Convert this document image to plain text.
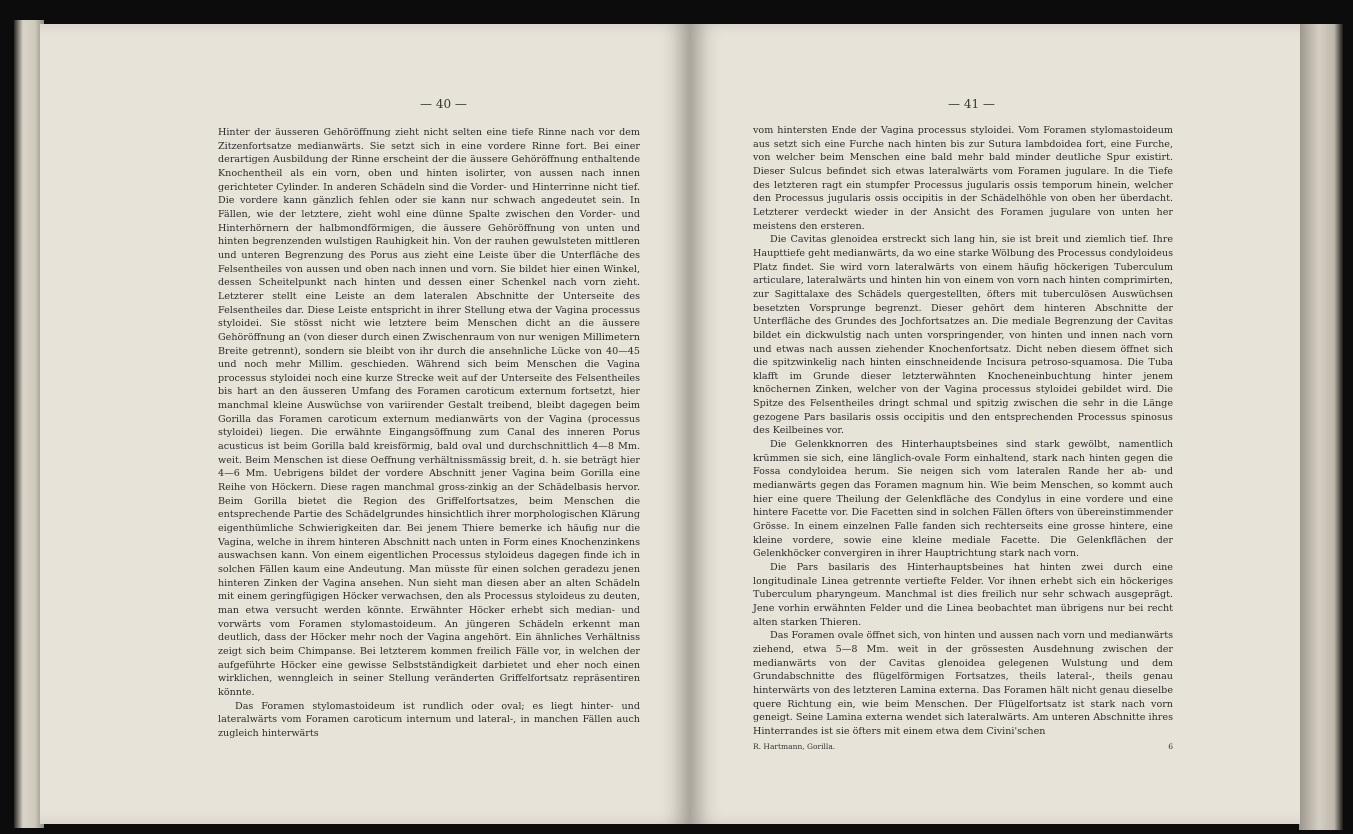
— 40 —

Hinter der äusseren Gehöröffnung zieht nicht selten eine tiefe Rinne nach vor dem Zitzenfortsatze medianwärts. Sie setzt sich in eine vordere Rinne fort. Bei einer derartigen Ausbildung der Rinne erscheint der die äussere Gehöröffnung enthaltende Knochentheil als ein vorn, oben und hinten isolirter, von aussen nach innen gerichteter Cylinder. In anderen Schädeln sind die Vorder- und Hinterrinne nicht tief. Die vordere kann gänzlich fehlen oder sie kann nur schwach angedeutet sein. In Fällen, wie der letztere, zieht wohl eine dünne Spalte zwischen den Vorder- und Hinterhörnern der halbmondförmigen, die äussere Gehöröffnung von unten und hinten begrenzenden wulstigen Rauhigkeit hin. Von der rauhen gewulsteten mittleren und unteren Begrenzung des Porus aus zieht eine Leiste über die Unterfläche des Felsentheiles von aussen und oben nach innen und vorn. Sie bildet hier einen Winkel, dessen Scheitelpunkt nach hinten und dessen einer Schenkel nach vorn zieht. Letzterer stellt eine Leiste an dem lateralen Abschnitte der Unterseite des Felsentheiles dar. Diese Leiste entspricht in ihrer Stellung etwa der Vagina processus styloidei. Sie stösst nicht wie letztere beim Menschen dicht an die äussere Gehöröffnung an (von dieser durch einen Zwischenraum von nur wenigen Millimetern Breite getrennt), sondern sie bleibt von ihr durch die ansehnliche Lücke von 40—45 und noch mehr Millim. geschieden. Während sich beim Menschen die Vagina processus styloidei noch eine kurze Strecke weit auf der Unterseite des Felsentheiles bis hart an den äusseren Umfang des Foramen caroticum externum fortsetzt, hier manchmal kleine Auswüchse von variirender Gestalt treibend, bleibt dagegen beim Gorilla das Foramen caroticum externum medianwärts von der Vagina (processus styloidei) liegen. Die erwähnte Eingangsöffnung zum Canal des inneren Porus acusticus ist beim Gorilla bald kreisförmig, bald oval und durchschnittlich 4—8 Mm. weit. Beim Menschen ist diese Oeffnung verhältnissmässig breit, d. h. sie beträgt hier 4—6 Mm. Uebrigens bildet der vordere Abschnitt jener Vagina beim Gorilla eine Reihe von Höckern. Diese ragen manchmal gross-zinkig an der Schädelbasis hervor. Beim Gorilla bietet die Region des Griffelfortsatzes, beim Menschen die entsprechende Partie des Schädelgrundes hinsichtlich ihrer morphologischen Klärung eigenthümliche Schwierigkeiten dar. Bei jenem Thiere bemerke ich häufig nur die Vagina, welche in ihrem hinteren Abschnitt nach unten in Form eines Knochenzinkens auswachsen kann. Von einem eigentlichen Processus styloideus dagegen finde ich in solchen Fällen kaum eine Andeutung. Man müsste für einen solchen geradezu jenen hinteren Zinken der Vagina ansehen. Nun sieht man diesen aber an alten Schädeln mit einem geringfügigen Höcker verwachsen, den als Processus styloideus zu deuten, man etwa versucht werden könnte. Erwähnter Höcker erhebt sich median- und vorwärts vom Foramen stylomastoideum. An jüngeren Schädeln erkennt man deutlich, dass der Höcker mehr noch der Vagina angehört. Ein ähnliches Verhältniss zeigt sich beim Chimpanse. Bei letzterem kommen freilich Fälle vor, in welchen der aufgeführte Höcker eine gewisse Selbstständigkeit darbietet und eher noch einen wirklichen, wenngleich in seiner Stellung veränderten Griffelfortsatz repräsentiren könnte.

Das Foramen stylomastoideum ist rundlich oder oval; es liegt hinter- und lateralwärts vom Foramen caroticum internum und lateral-, in manchen Fällen auch zugleich hinterwärts

— 41 —

vom hintersten Ende der Vagina processus styloidei. Vom Foramen stylomastoideum aus setzt sich eine Furche nach hinten bis zur Sutura lambdoidea fort, eine Furche, von welcher beim Menschen eine bald mehr bald minder deutliche Spur existirt. Dieser Sulcus befindet sich etwas lateralwärts vom Foramen jugulare. In die Tiefe des letzteren ragt ein stumpfer Processus jugularis ossis temporum hinein, welcher den Processus jugularis ossis occipitis in der Schädelhöhle von oben her überdacht. Letzterer verdeckt wieder in der Ansicht des Foramen jugulare von unten her meistens den ersteren.

Die Cavitas glenoidea erstreckt sich lang hin, sie ist breit und ziemlich tief. Ihre Haupttiefe geht medianwärts, da wo eine starke Wölbung des Processus condyloideus Platz findet. Sie wird vorn lateralwärts von einem häufig höckerigen Tuberculum articulare, lateralwärts und hinten hin von einem von vorn nach hinten comprimirten, zur Sagittalaxe des Schädels quergestellten, öfters mit tuberculösen Auswüchsen besetzten Vorsprunge begrenzt. Dieser gehört dem hinteren Abschnitte der Unterfläche des Grundes des Jochfortsatzes an. Die mediale Begrenzung der Cavitas bildet ein dickwulstig nach unten vorspringender, von hinten und innen nach vorn und etwas nach aussen ziehender Knochenfortsatz. Dicht neben diesem öffnet sich die spitzwinkelig nach hinten einschneidende Incisura petroso-squamosa. Die Tuba klafft im Grunde dieser letzterwähnten Knocheneinbuchtung hinter jenem knöchernen Zinken, welcher von der Vagina processus styloidei gebildet wird. Die Spitze des Felsentheiles dringt schmal und spitzig zwischen die sehr in die Länge gezogene Pars basilaris ossis occipitis und den entsprechenden Processus spinosus des Keilbeines vor.

Die Gelenkknorren des Hinterhauptsbeines sind stark gewölbt, namentlich krümmen sie sich, eine länglich-ovale Form einhaltend, stark nach hinten gegen die Fossa condyloidea herum. Sie neigen sich vom lateralen Rande her ab- und medianwärts gegen das Foramen magnum hin. Wie beim Menschen, so kommt auch hier eine quere Theilung der Gelenkfläche des Condylus in eine vordere und eine hintere Facette vor. Die Facetten sind in solchen Fällen öfters von übereinstimmender Grösse. In einem einzelnen Falle fanden sich rechterseits eine grosse hintere, eine kleine vordere, sowie eine kleine mediale Facette. Die Gelenkflächen der Gelenkhöcker convergiren in ihrer Hauptrichtung stark nach vorn.

Die Pars basilaris des Hinterhauptsbeines hat hinten zwei durch eine longitudinale Linea getrennte vertiefte Felder. Vor ihnen erhebt sich ein höckeriges Tuberculum pharyngeum. Manchmal ist dies freilich nur sehr schwach ausgeprägt. Jene vorhin erwähnten Felder und die Linea beobachtet man übrigens nur bei recht alten starken Thieren.

Das Foramen ovale öffnet sich, von hinten und aussen nach vorn und medianwärts ziehend, etwa 5—8 Mm. weit in der grössesten Ausdehnung zwischen der medianwärts von der Cavitas glenoidea gelegenen Wulstung und dem Grundabschnitte des flügelförmigen Fortsatzes, theils lateral-, theils genau hinterwärts von des letzteren Lamina externa. Das Foramen hält nicht genau dieselbe quere Richtung ein, wie beim Menschen. Der Flügelfortsatz ist stark nach vorn geneigt. Seine Lamina externa wendet sich lateralwärts. Am unteren Abschnitte ihres Hinterrandes ist sie öfters mit einem etwa dem Civini'schen

R. Hartmann, Gorilla.	6
